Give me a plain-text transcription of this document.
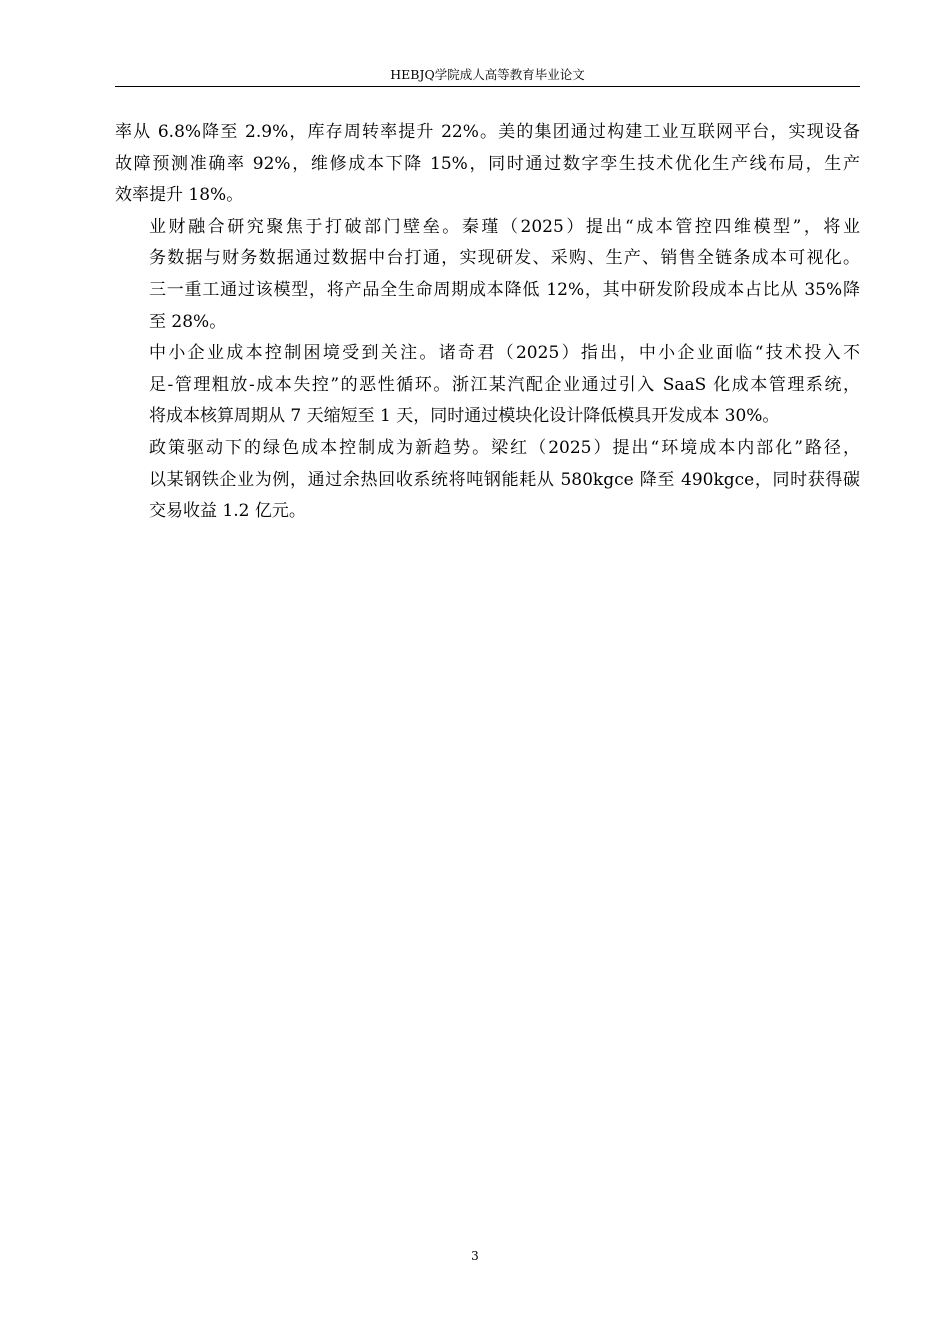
HEBJQ学院成人高等教育毕业论文

率从 6.8%降至 2.9%，库存周转率提升 22%。美的集团通过构建工业互联网平台，实现设备
故障预测准确率 92%，维修成本下降 15%，同时通过数字孪生技术优化生产线布局，生产
效率提升 18%。

业财融合研究聚焦于打破部门壁垒。秦瑾（2025）提出“成本管控四维模型”，将业
务数据与财务数据通过数据中台打通，实现研发、采购、生产、销售全链条成本可视化。
三一重工通过该模型，将产品全生命周期成本降低 12%，其中研发阶段成本占比从 35%降
至 28%。

中小企业成本控制困境受到关注。诸奇君（2025）指出，中小企业面临“技术投入不
足-管理粗放-成本失控”的恶性循环。浙江某汽配企业通过引入 SaaS 化成本管理系统，
将成本核算周期从 7 天缩短至 1 天，同时通过模块化设计降低模具开发成本 30%。

政策驱动下的绿色成本控制成为新趋势。梁红（2025）提出“环境成本内部化”路径，
以某钢铁企业为例，通过余热回收系统将吨钢能耗从 580kgce 降至 490kgce，同时获得碳
交易收益 1.2 亿元。

3
